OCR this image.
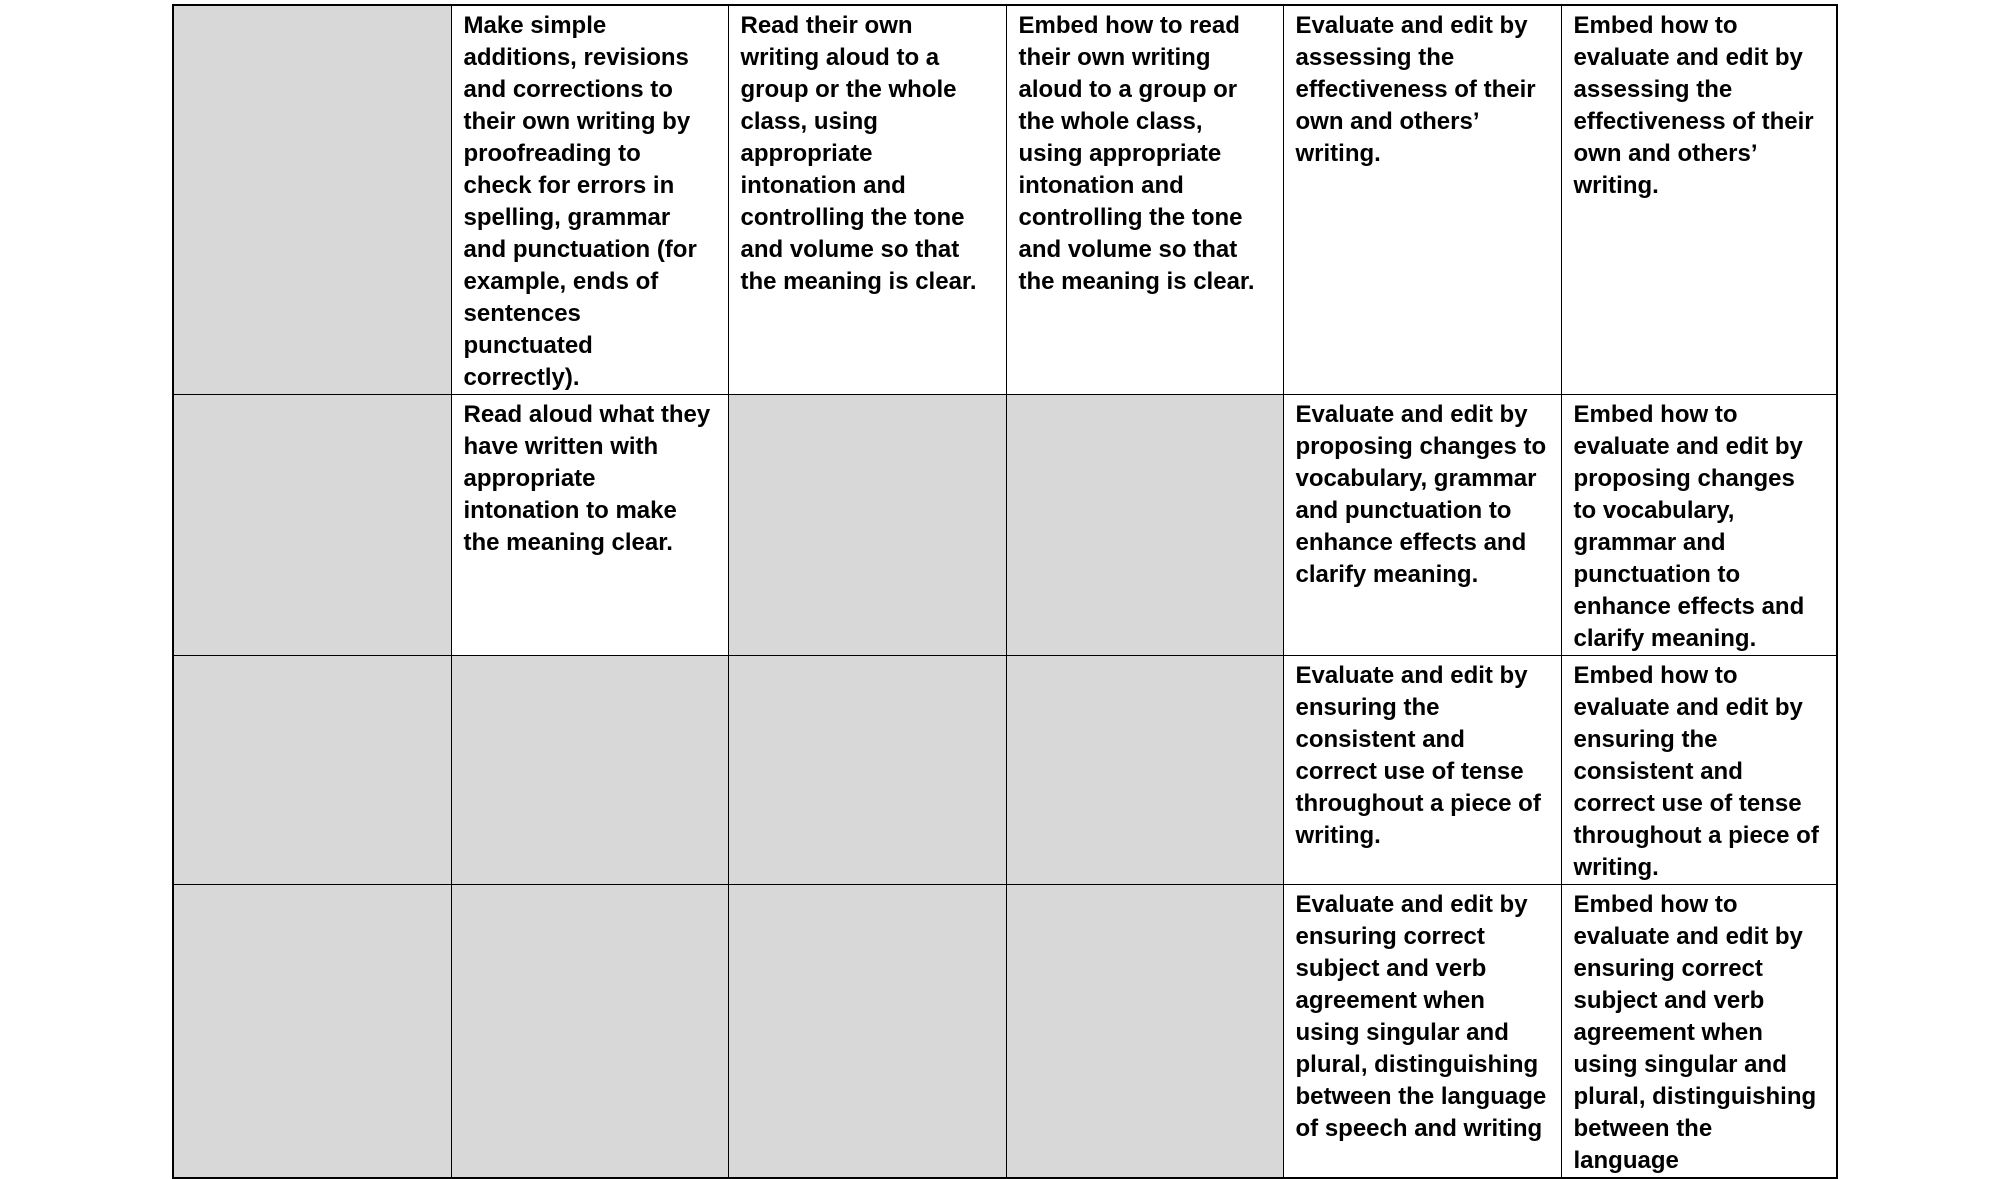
	Make simple additions, revisions and corrections to their own writing by proofreading to check for errors in spelling, grammar and punctuation (for example, ends of sentences punctuated correctly).	Read their own writing aloud to a group or the whole class, using appropriate intonation and controlling the tone and volume so that the meaning is clear.	Embed how to read their own writing aloud to a group or the whole class, using appropriate intonation and controlling the tone and volume so that the meaning is clear.	Evaluate and edit by assessing the effectiveness of their own and others’ writing.	Embed how to evaluate and edit by assessing the effectiveness of their own and others’ writing.
	Read aloud what they have written with appropriate intonation to make the meaning clear.			Evaluate and edit by proposing changes to vocabulary, grammar and punctuation to enhance effects and clarify meaning.	Embed how to evaluate and edit by proposing changes to vocabulary, grammar and punctuation to enhance effects and clarify meaning.
				Evaluate and edit by ensuring the consistent and correct use of tense throughout a piece of writing.	Embed how to evaluate and edit by ensuring the consistent and correct use of tense throughout a piece of writing.
				Evaluate and edit by ensuring correct subject and verb agreement when using singular and plural, distinguishing between the language of speech and writing	Embed how to evaluate and edit by ensuring correct subject and verb agreement when using singular and plural, distinguishing between the language
